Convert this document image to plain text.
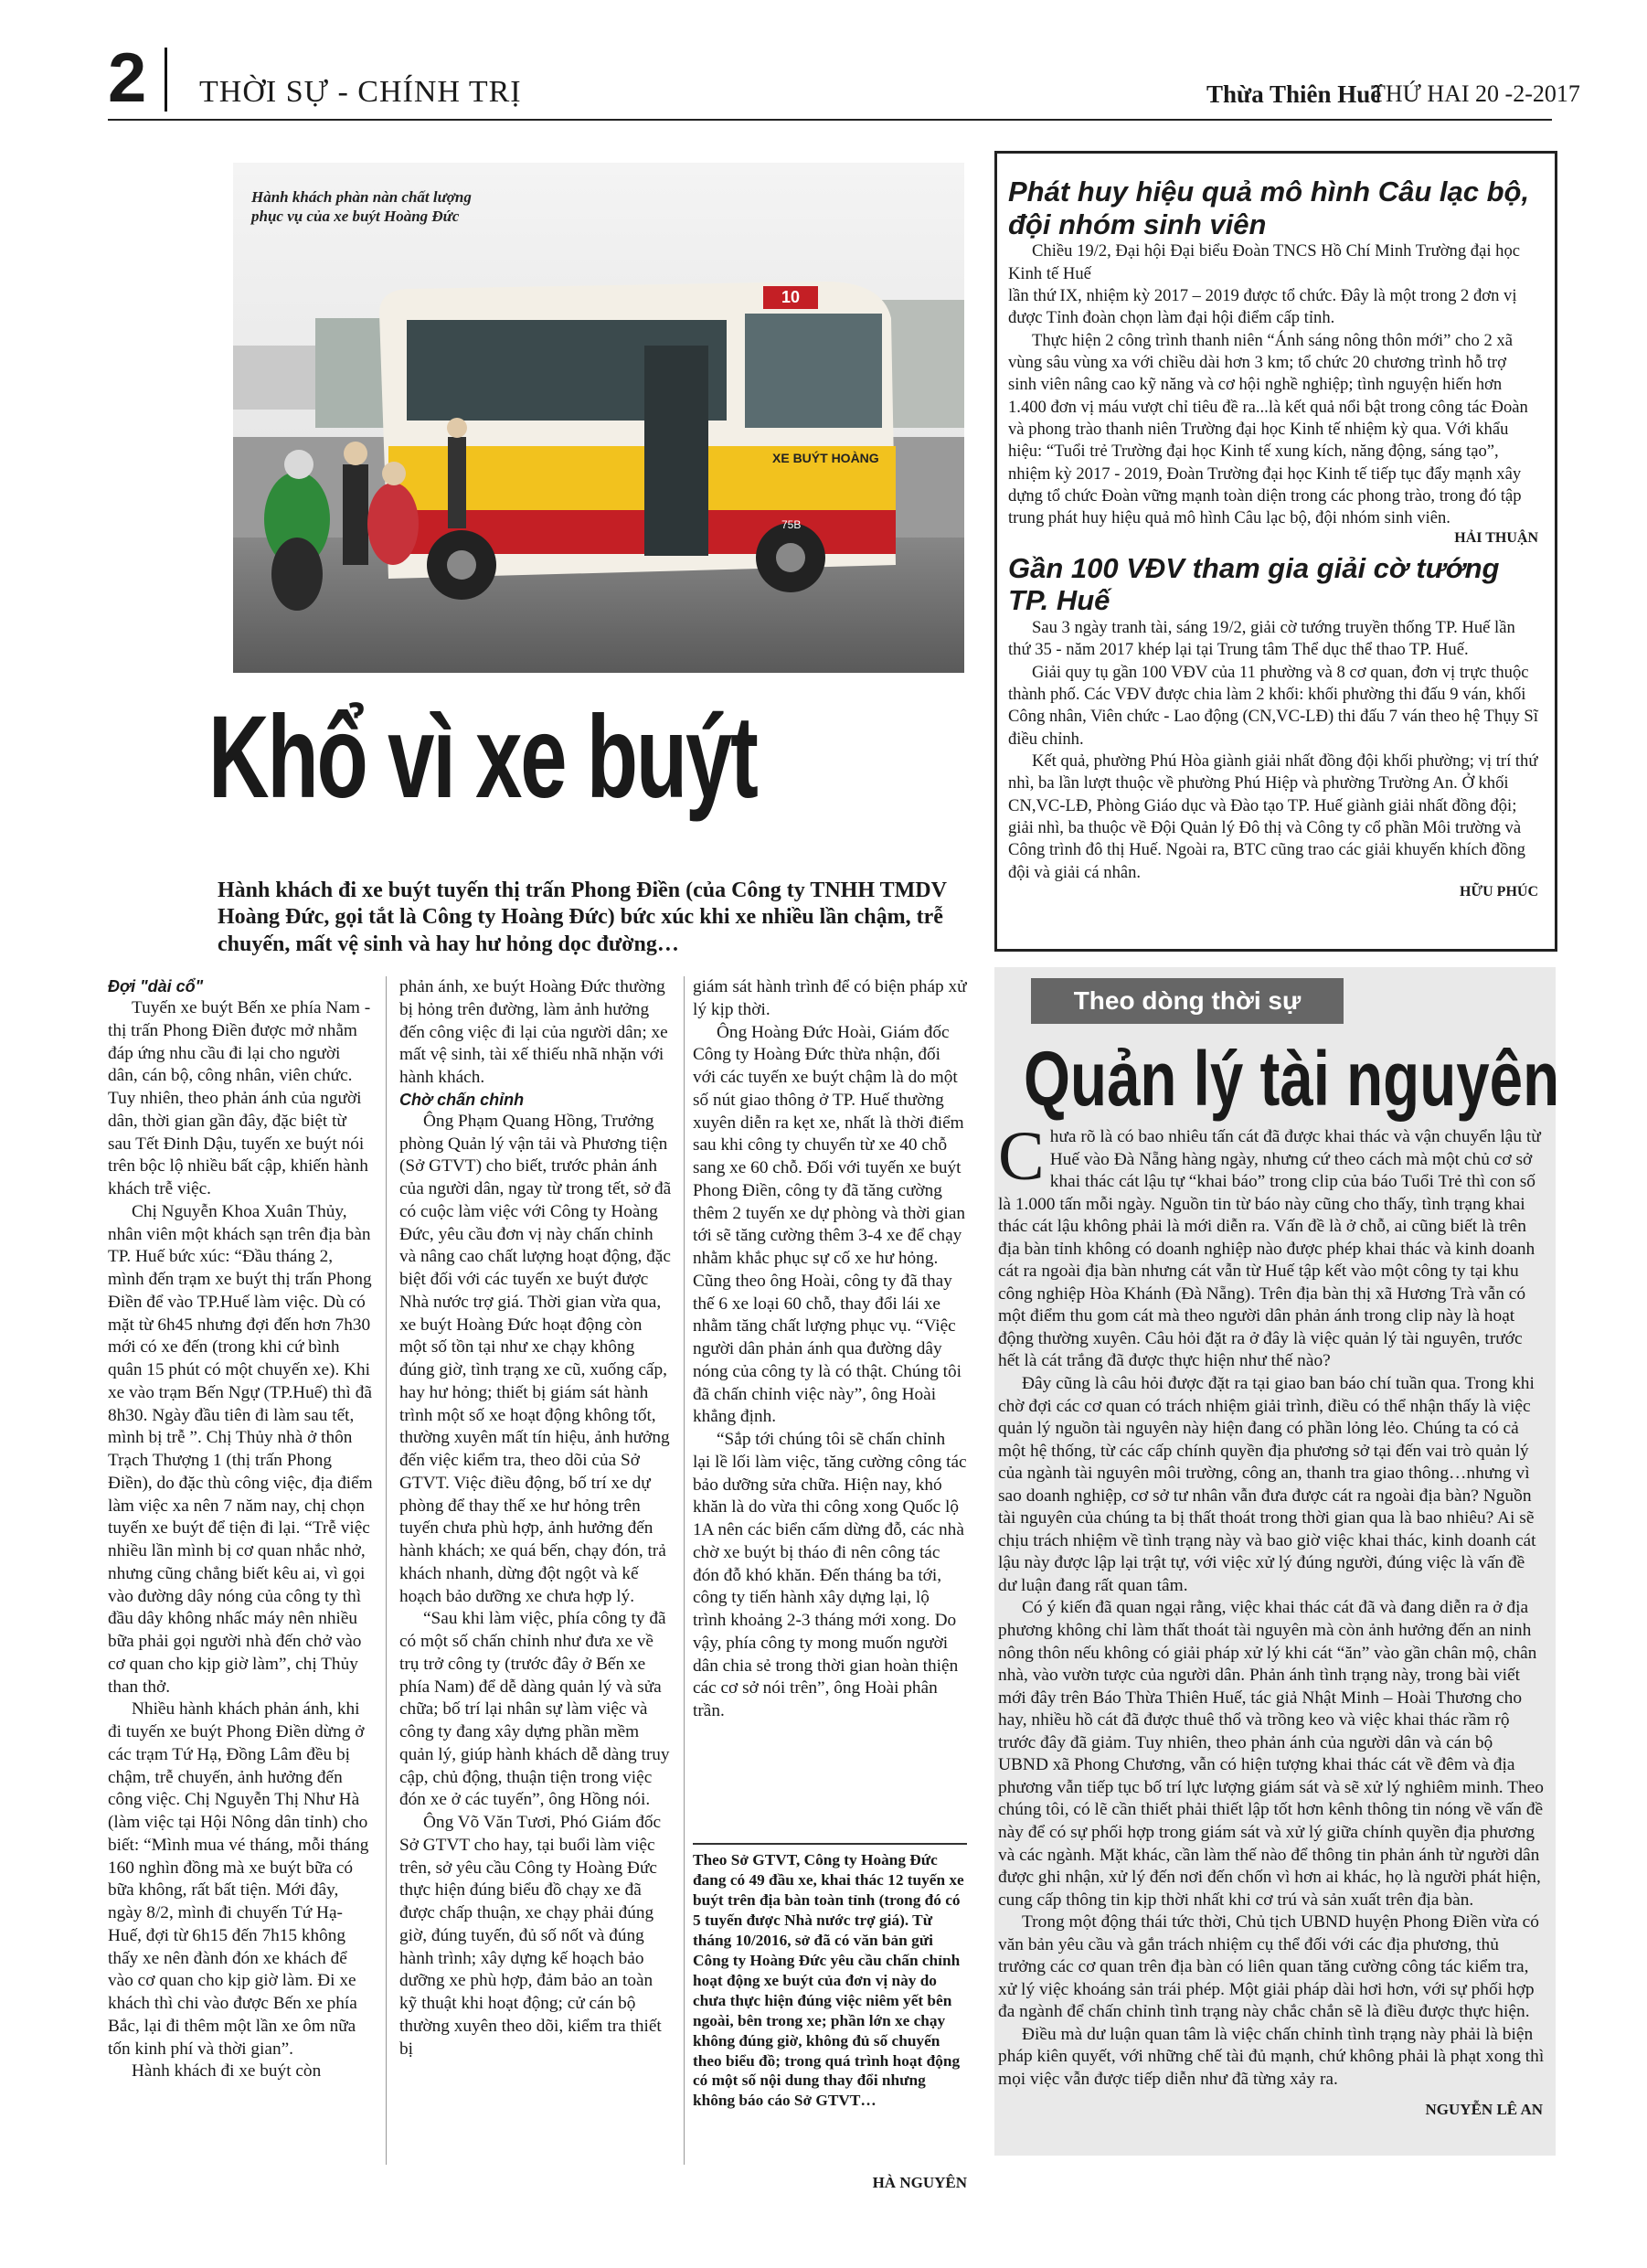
2 THỜI SỰ - CHÍNH TRỊ	Thừa Thiên Huế
THỨ HAI 20 -2-2017
10
XE BUÝT HOÀNG
75B
Hành khách phàn nàn chất lượng phục vụ của xe buýt Hoàng Đức
Khổ vì xe buýt
Hành khách đi xe buýt tuyến thị trấn Phong Điền (của Công ty TNHH TMDV Hoàng Đức, gọi tắt là Công ty Hoàng Đức) bức xúc khi xe nhiều lần chậm, trễ chuyến, mất vệ sinh và hay hư hỏng dọc đường…
Đợi "dài cổ"

Tuyến xe buýt Bến xe phía Nam - thị trấn Phong Điền được mở nhằm đáp ứng nhu cầu đi lại cho người dân, cán bộ, công nhân, viên chức. Tuy nhiên, theo phản ánh của người dân, thời gian gần đây, đặc biệt từ sau Tết Đinh Dậu, tuyến xe buýt nói trên bộc lộ nhiều bất cập, khiến hành khách trễ việc.

Chị Nguyễn Khoa Xuân Thủy, nhân viên một khách sạn trên địa bàn TP. Huế bức xúc: “Đầu tháng 2, mình đến trạm xe buýt thị trấn Phong Điền để vào TP.Huế làm việc. Dù có mặt từ 6h45 nhưng đợi đến hơn 7h30 mới có xe đến (trong khi cứ bình quân 15 phút có một chuyến xe). Khi xe vào trạm Bến Ngự (TP.Huế) thì đã 8h30. Ngày đầu tiên đi làm sau tết, mình bị trễ ”. Chị Thủy nhà ở thôn Trạch Thượng 1 (thị trấn Phong Điền), do đặc thù công việc, địa điểm làm việc xa nên 7 năm nay, chị chọn tuyến xe buýt để tiện đi lại. “Trễ việc nhiều lần mình bị cơ quan nhắc nhở, nhưng cũng chẳng biết kêu ai, vì gọi vào đường dây nóng của công ty thì đầu dây không nhấc máy nên nhiều bữa phải gọi người nhà đến chở vào cơ quan cho kịp giờ làm”, chị Thủy than thở.

Nhiều hành khách phản ánh, khi đi tuyến xe buýt Phong Điền dừng ở các trạm Tứ Hạ, Đồng Lâm đều bị chậm, trễ chuyến, ảnh hưởng đến công việc. Chị Nguyễn Thị Như Hà (làm việc tại Hội Nông dân tỉnh) cho biết: “Mình mua vé tháng, mỗi tháng 160 nghìn đồng mà xe buýt bữa có bữa không, rất bất tiện. Mới đây, ngày 8/2, mình đi chuyến Tứ Hạ-Huế, đợi từ 6h15 đến 7h15 không thấy xe nên đành đón xe khách để vào cơ quan cho kịp giờ làm. Đi xe khách thì chi vào được Bến xe phía Bắc, lại đi thêm một lần xe ôm nữa tốn kinh phí và thời gian”.

Hành khách đi xe buýt còn

phản ánh, xe buýt Hoàng Đức thường bị hỏng trên đường, làm ảnh hưởng đến công việc đi lại của người dân; xe mất vệ sinh, tài xế thiếu nhã nhặn với hành khách.

Chờ chấn chỉnh

Ông Phạm Quang Hồng, Trưởng phòng Quản lý vận tải và Phương tiện (Sở GTVT) cho biết, trước phản ánh của người dân, ngay từ trong tết, sở đã có cuộc làm việc với Công ty Hoàng Đức, yêu cầu đơn vị này chấn chỉnh và nâng cao chất lượng hoạt động, đặc biệt đối với các tuyến xe buýt được Nhà nước trợ giá. Thời gian vừa qua, xe buýt Hoàng Đức hoạt động còn một số tồn tại như xe chạy không đúng giờ, tình trạng xe cũ, xuống cấp, hay hư hỏng; thiết bị giám sát hành trình một số xe hoạt động không tốt, thường xuyên mất tín hiệu, ảnh hưởng đến việc kiểm tra, theo dõi của Sở GTVT. Việc điều động, bố trí xe dự phòng để thay thế xe hư hỏng trên tuyến chưa phù hợp, ảnh hưởng đến hành khách; xe quá bến, chạy đón, trả khách nhanh, dừng đột ngột và kế hoạch bảo dưỡng xe chưa hợp lý.

“Sau khi làm việc, phía công ty đã có một số chấn chỉnh như đưa xe về trụ trở công ty (trước đây ở Bến xe phía Nam) để dễ dàng quản lý và sửa chữa; bố trí lại nhân sự làm việc và công ty đang xây dựng phần mềm quản lý, giúp hành khách dễ dàng truy cập, chủ động, thuận tiện trong việc đón xe ở các tuyến”, ông Hồng nói.

Ông Võ Văn Tươi, Phó Giám đốc Sở GTVT cho hay, tại buổi làm việc trên, sở yêu cầu Công ty Hoàng Đức thực hiện đúng biểu đồ chạy xe đã được chấp thuận, xe chạy phải đúng giờ, đúng tuyến, đủ số nốt và đúng hành trình; xây dựng kế hoạch bảo dưỡng xe phù hợp, đảm bảo an toàn kỹ thuật khi hoạt động; cử cán bộ thường xuyên theo dõi, kiểm tra thiết bị

giám sát hành trình để có biện pháp xử lý kịp thời.

Ông Hoàng Đức Hoài, Giám đốc Công ty Hoàng Đức thừa nhận, đối với các tuyến xe buýt chậm là do một số nút giao thông ở TP. Huế thường xuyên diễn ra kẹt xe, nhất là thời điểm sau khi công ty chuyển từ xe 40 chỗ sang xe 60 chỗ. Đối với tuyến xe buýt Phong Điền, công ty đã tăng cường thêm 2 tuyến xe dự phòng và thời gian tới sẽ tăng cường thêm 3-4 xe để chạy nhằm khắc phục sự cố xe hư hỏng. Cũng theo ông Hoài, công ty đã thay thế 6 xe loại 60 chỗ, thay đổi lái xe nhằm tăng chất lượng phục vụ. “Việc người dân phản ánh qua đường dây nóng của công ty là có thật. Chúng tôi đã chấn chỉnh việc này”, ông Hoài khẳng định.

“Sắp tới chúng tôi sẽ chấn chỉnh lại lề lối làm việc, tăng cường công tác bảo dưỡng sửa chữa. Hiện nay, khó khăn là do vừa thi công xong Quốc lộ 1A nên các biển cấm dừng đỗ, các nhà chờ xe buýt bị tháo đi nên công tác đón đỗ khó khăn. Đến tháng ba tới, công ty tiến hành xây dựng lại, lộ trình khoảng 2-3 tháng mới xong. Do vậy, phía công ty mong muốn người dân chia sẻ trong thời gian hoàn thiện các cơ sở nói trên”, ông Hoài phân trần.

Theo Sở GTVT, Công ty Hoàng Đức đang có 49 đầu xe, khai thác 12 tuyến xe buýt trên địa bàn toàn tỉnh (trong đó có 5 tuyến được Nhà nước trợ giá). Từ tháng 10/2016, sở đã có văn bản gửi Công ty Hoàng Đức yêu cầu chấn chỉnh hoạt động xe buýt của đơn vị này do chưa thực hiện đúng việc niêm yết bên ngoài, bên trong xe; phần lớn xe chạy không đúng giờ, không đủ số chuyến theo biểu đồ; trong quá trình hoạt động có một số nội dung thay đổi nhưng không báo cáo Sở GTVT…
HÀ NGUYÊN
Phát huy hiệu quả mô hình Câu lạc bộ, đội nhóm sinh viên

Chiều 19/2, Đại hội Đại biểu Đoàn TNCS Hồ Chí Minh Trường đại học Kinh tế Huế

lần thứ IX, nhiệm kỳ 2017 – 2019 được tổ chức. Đây là một trong 2 đơn vị được Tỉnh đoàn chọn làm đại hội điểm cấp tỉnh.

Thực hiện 2 công trình thanh niên “Ánh sáng nông thôn mới” cho 2 xã vùng sâu vùng xa với chiều dài hơn 3 km; tổ chức 20 chương trình hỗ trợ sinh viên nâng cao kỹ năng và cơ hội nghề nghiệp; tình nguyện hiến hơn 1.400 đơn vị máu vượt chỉ tiêu đề ra...là kết quả nổi bật trong công tác Đoàn và phong trào thanh niên Trường đại học Kinh tế nhiệm kỳ qua. Với khẩu hiệu: “Tuổi trẻ Trường đại học Kinh tế xung kích, năng động, sáng tạo”, nhiệm kỳ 2017 - 2019, Đoàn Trường đại học Kinh tế tiếp tục đẩy mạnh xây dựng tổ chức Đoàn vững mạnh toàn diện trong các phong trào, trong đó tập trung phát huy hiệu quả mô hình Câu lạc bộ, đội nhóm sinh viên.

HẢI THUẬN
Gần 100 VĐV tham gia giải cờ tướng TP. Huế

Sau 3 ngày tranh tài, sáng 19/2, giải cờ tướng truyền thống TP. Huế lần thứ 35 - năm 2017 khép lại tại Trung tâm Thể dục thể thao TP. Huế.

Giải quy tụ gần 100 VĐV của 11 phường và 8 cơ quan, đơn vị trực thuộc thành phố. Các VĐV được chia làm 2 khối: khối phường thi đấu 9 ván, khối Công nhân, Viên chức - Lao động (CN,VC-LĐ) thi đấu 7 ván theo hệ Thụy Sĩ điều chỉnh.

Kết quả, phường Phú Hòa giành giải nhất đồng đội khối phường; vị trí thứ nhì, ba lần lượt thuộc về phường Phú Hiệp và phường Trường An. Ở khối CN,VC-LĐ, Phòng Giáo dục và Đào tạo TP. Huế giành giải nhất đồng đội; giải nhì, ba thuộc về Đội Quản lý Đô thị và Công ty cổ phần Môi trường và Công trình đô thị Huế. Ngoài ra, BTC cũng trao các giải khuyến khích đồng đội và giải cá nhân.

HỮU PHÚC
Theo dòng thời sự
Quản lý tài nguyên

Chưa rõ là có bao nhiêu tấn cát đã được khai thác và vận chuyển lậu từ Huế vào Đà Nẵng hàng ngày, nhưng cứ theo cách mà một chủ cơ sở khai thác cát lậu tự “khai báo” trong clip của báo Tuổi Trẻ thì con số là 1.000 tấn mỗi ngày. Nguồn tin từ báo này cũng cho thấy, tình trạng khai thác cát lậu không phải là mới diễn ra. Vấn đề là ở chỗ, ai cũng biết là trên địa bàn tỉnh không có doanh nghiệp nào được phép khai thác và kinh doanh cát ra ngoài địa bàn nhưng cát vẫn từ Huế tập kết vào một công ty tại khu công nghiệp Hòa Khánh (Đà Nẵng). Trên địa bàn thị xã Hương Trà vẫn có một điểm thu gom cát mà theo người dân phản ánh trong clip này là hoạt động thường xuyên. Câu hỏi đặt ra ở đây là việc quản lý tài nguyên, trước hết là cát trắng đã được thực hiện như thế nào?

Đây cũng là câu hỏi được đặt ra tại giao ban báo chí tuần qua. Trong khi chờ đợi các cơ quan có trách nhiệm giải trình, điều có thể nhận thấy là việc quản lý nguồn tài nguyên này hiện đang có phần lỏng lẻo. Chúng ta có cả một hệ thống, từ các cấp chính quyền địa phương sở tại đến vai trò quản lý của ngành tài nguyên môi trường, công an, thanh tra giao thông…nhưng vì sao doanh nghiệp, cơ sở tư nhân vẫn đưa được cát ra ngoài địa bàn? Nguồn tài nguyên của chúng ta bị thất thoát trong thời gian qua là bao nhiêu? Ai sẽ chịu trách nhiệm về tình trạng này và bao giờ việc khai thác, kinh doanh cát lậu này được lập lại trật tự, với việc xử lý đúng người, đúng việc là vấn đề dư luận đang rất quan tâm.

Có ý kiến đã quan ngại rằng, việc khai thác cát đã và đang diễn ra ở địa phương không chỉ làm thất thoát tài nguyên mà còn ảnh hưởng đến an ninh nông thôn nếu không có giải pháp xử lý khi cát “ăn” vào gần chân mộ, chân nhà, vào vườn tược của người dân. Phản ánh tình trạng này, trong bài viết mới đây trên Báo Thừa Thiên Huế, tác giả Nhật Minh – Hoài Thương cho hay, nhiều hồ cát đã được thuê thổ và trồng keo và việc khai thác rầm rộ trước đây đã giảm. Tuy nhiên, theo phản ánh của người dân và cán bộ UBND xã Phong Chương, vẫn có hiện tượng khai thác cát về đêm và địa phương vẫn tiếp tục bố trí lực lượng giám sát và sẽ xử lý nghiêm minh. Theo chúng tôi, có lẽ cần thiết phải thiết lập tốt hơn kênh thông tin nóng về vấn đề này để có sự phối hợp trong giám sát và xử lý giữa chính quyền địa phương và các ngành. Mặt khác, cần làm thế nào để thông tin phản ánh từ người dân được ghi nhận, xử lý đến nơi đến chốn vì hơn ai khác, họ là người phát hiện, cung cấp thông tin kịp thời nhất khi cơ trú và sản xuất trên địa bàn.

Trong một động thái tức thời, Chủ tịch UBND huyện Phong Điền vừa có văn bản yêu cầu và gắn trách nhiệm cụ thể đối với các địa phương, thủ trưởng các cơ quan trên địa bàn có liên quan tăng cường công tác kiểm tra, xử lý việc khoáng sản trái phép. Một giải pháp dài hơi hơn, với sự phối hợp đa ngành để chấn chỉnh tình trạng này chắc chắn sẽ là điều được thực hiện.

Điều mà dư luận quan tâm là việc chấn chỉnh tình trạng này phải là biện pháp kiên quyết, với những chế tài đủ mạnh, chứ không phải là phạt xong thì mọi việc vẫn được tiếp diễn như đã từng xảy ra.

NGUYỄN LÊ AN
